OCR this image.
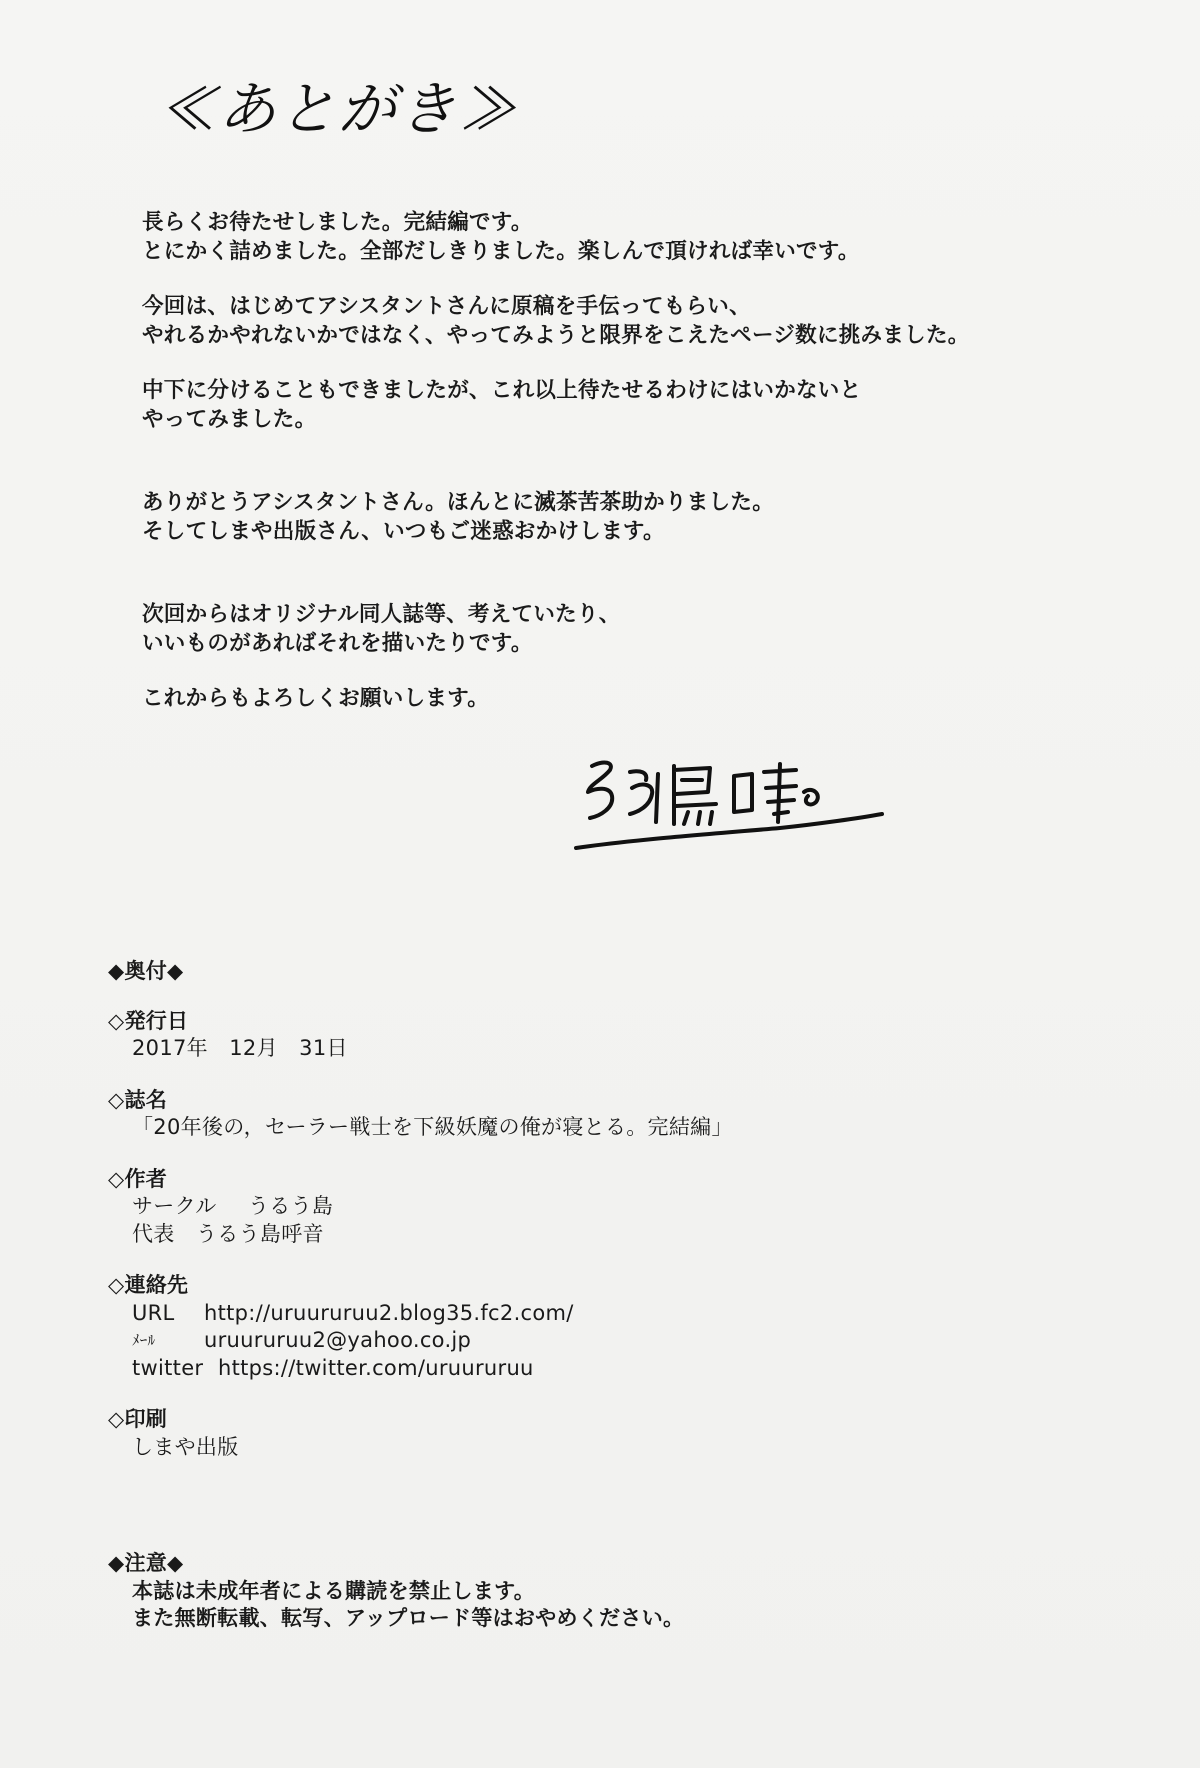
≪あとがき≫

長らくお待たせしました。完結編です。

とにかく詰めました。全部だしきりました。楽しんで頂ければ幸いです。

今回は、はじめてアシスタントさんに原稿を手伝ってもらい、

やれるかやれないかではなく、やってみようと限界をこえたページ数に挑みました。

中下に分けることもできましたが、これ以上待たせるわけにはいかないと

やってみました。

ありがとうアシスタントさん。ほんとに滅茶苦茶助かりました。

そしてしまや出版さん、いつもご迷惑おかけします。

次回からはオリジナル同人誌等、考えていたり、

いいものがあればそれを描いたりです。

これからもよろしくお願いします。

◆奥付◆
◇発行日
2017年　12月　31日
◇誌名
「20年後の，セーラー戦士を下級妖魔の俺が寝とる。完結編」
◇作者
サークル	うるう島
代表	うるう島呼音
◇連絡先
URL	http://uruururuu2.blog35.fc2.com/
ﾒｰﾙ	uruururuu2@yahoo.co.jp
twitter https://twitter.com/uruururuu
◇印刷
しまや出版
◆注意◆
本誌は未成年者による購読を禁止します。
また無断転載、転写、アップロード等はおやめください。
